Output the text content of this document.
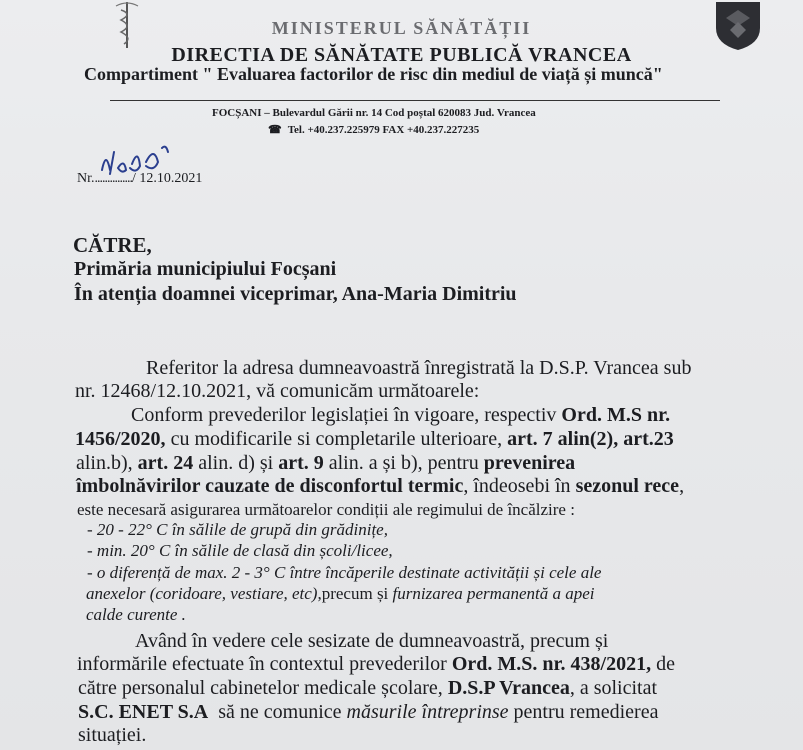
MINISTERUL SĂNĂTĂȚII
DIRECTIA DE SĂNĂTATE PUBLICĂ VRANCEA
Compartiment " Evaluarea factorilor de risc din mediul de viață și muncă"
FOCȘANI – Bulevardul Gării nr. 14 Cod poștal 620083 Jud. Vrancea
☎ Tel. +40.237.225979 FAX +40.237.227235
Nr................/ 12.10.2021
CĂTRE,
Primăria municipiului Focșani
În atenția doamnei viceprimar, Ana-Maria Dimitriu
Referitor la adresa dumneavoastră înregistrată la D.S.P. Vrancea sub
nr. 12468/12.10.2021, vă comunicăm următoarele:
Conform prevederilor legislației în vigoare, respectiv Ord. M.S nr.
1456/2020, cu modificarile si completarile ulterioare, art. 7 alin(2), art.23
alin.b), art. 24 alin. d) și art. 9 alin. a și b), pentru prevenirea
îmbolnăvirilor cauzate de disconfortul termic, îndeosebi în sezonul rece,
este necesară asigurarea următoarelor condiții ale regimului de încălzire :
- 20 - 22° C în sălile de grupă din grădinițe,
- min. 20° C în sălile de clasă din școli/licee,
- o diferență de max. 2 - 3° C între încăperile destinate activității și cele ale
anexelor (coridoare, vestiare, etc),precum și furnizarea permanentă a apei
calde curente .
Având în vedere cele sesizate de dumneavoastră, precum și
informările efectuate în contextul prevederilor Ord. M.S. nr. 438/2021, de
către personalul cabinetelor medicale școlare, D.S.P Vrancea, a solicitat
S.C. ENET S.A  să ne comunice măsurile întreprinse pentru remedierea
situației.
